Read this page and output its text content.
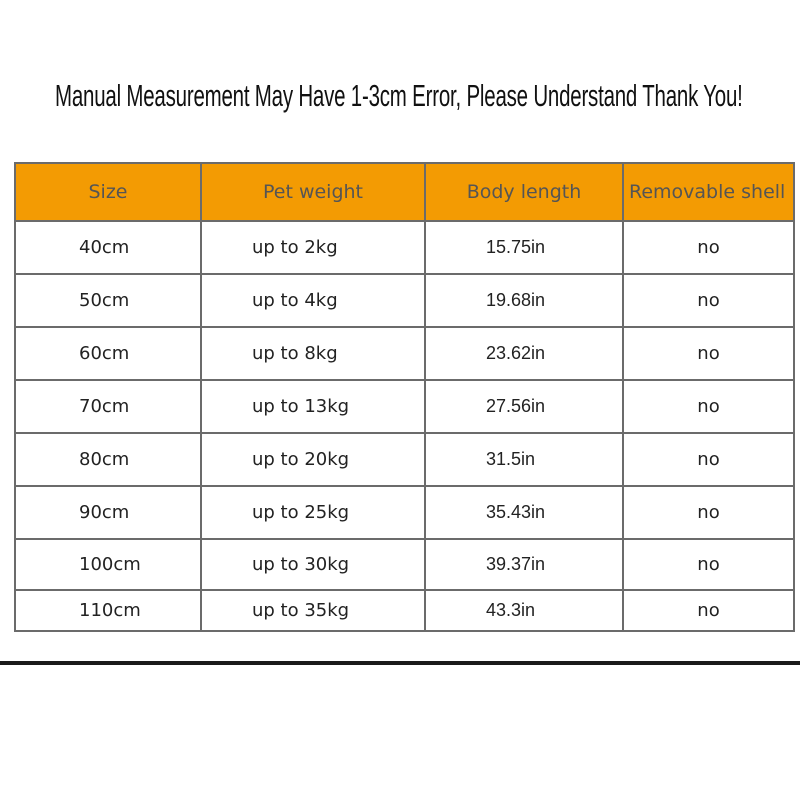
Manual Measurement May Have 1-3cm Error, Please Understand Thank You!
Size	Pet weight	Body length	Removable shell
40cm	up to 2kg	15.75in	no
50cm	up to 4kg	19.68in	no
60cm	up to 8kg	23.62in	no
70cm	up to 13kg	27.56in	no
80cm	up to 20kg	31.5in	no
90cm	up to 25kg	35.43in	no
100cm	up to 30kg	39.37in	no
110cm	up to 35kg	43.3in	no
